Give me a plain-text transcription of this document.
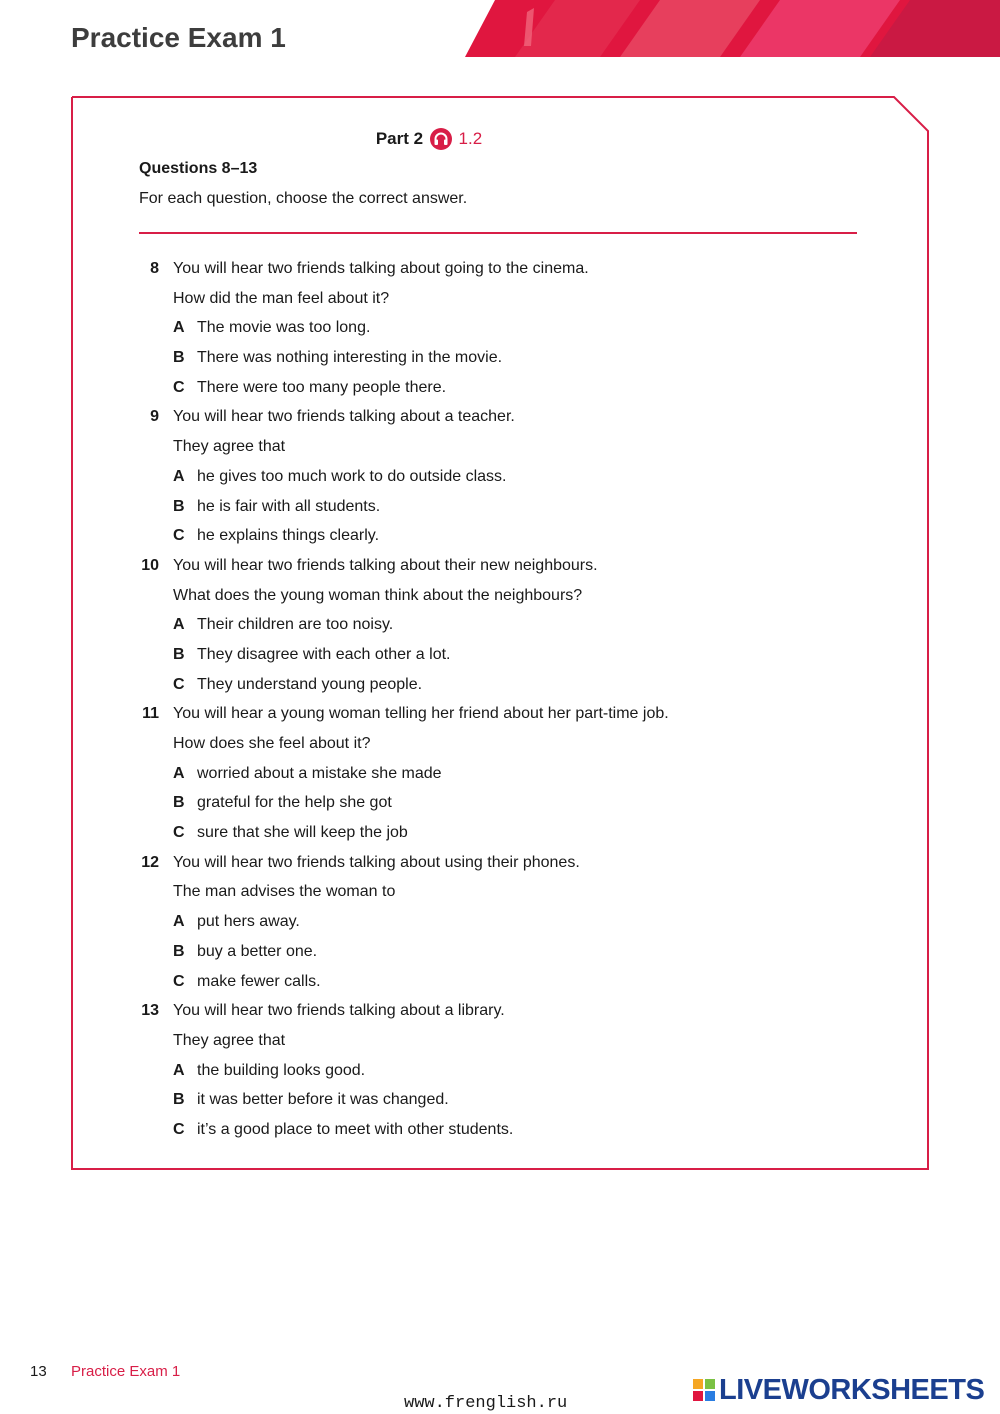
Practice Exam 1
Part 2 1.2

Questions 8–13

For each question, choose the correct answer.

8 You will hear two friends talking about going to the cinema.
How did the man feel about it?
A The movie was too long.
B There was nothing interesting in the movie.
C There were too many people there.
9 You will hear two friends talking about a teacher.
They agree that
A he gives too much work to do outside class.
B he is fair with all students.
C he explains things clearly.
10 You will hear two friends talking about their new neighbours.
What does the young woman think about the neighbours?
A Their children are too noisy.
B They disagree with each other a lot.
C They understand young people.
11 You will hear a young woman telling her friend about her part-time job.
How does she feel about it?
A worried about a mistake she made
B grateful for the help she got
C sure that she will keep the job
12 You will hear two friends talking about using their phones.
The man advises the woman to
A put hers away.
B buy a better one.
C make fewer calls.
13 You will hear two friends talking about a library.
They agree that
A the building looks good.
B it was better before it was changed.
C it’s a good place to meet with other students.
13 Practice Exam 1
LIVEWORKSHEETS
www.frenglish.ru
